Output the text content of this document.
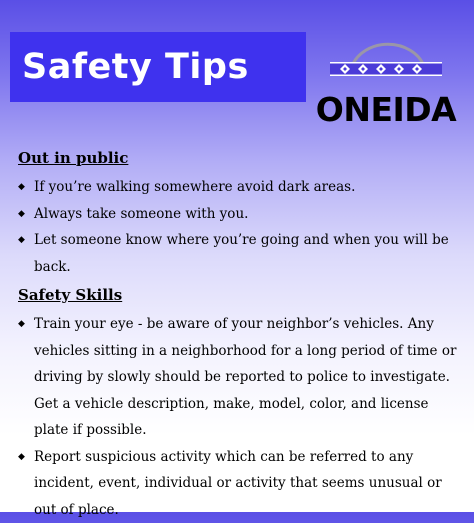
Safety Tips
ONEIDA
Out in public
◆ If you’re walking somewhere avoid dark areas.
◆ Always take someone with you.
◆ Let someone know where you’re going and when you will be back.
Safety Skills
◆ Train your eye - be aware of your neighbor’s vehicles. Any vehicles sitting in a neighborhood for a long period of time or driving by slowly should be reported to police to investigate. Get a vehicle description, make, model, color, and license plate if possible.
◆ Report suspicious activity which can be referred to any incident, event, individual or activity that seems unusual or out of place.
